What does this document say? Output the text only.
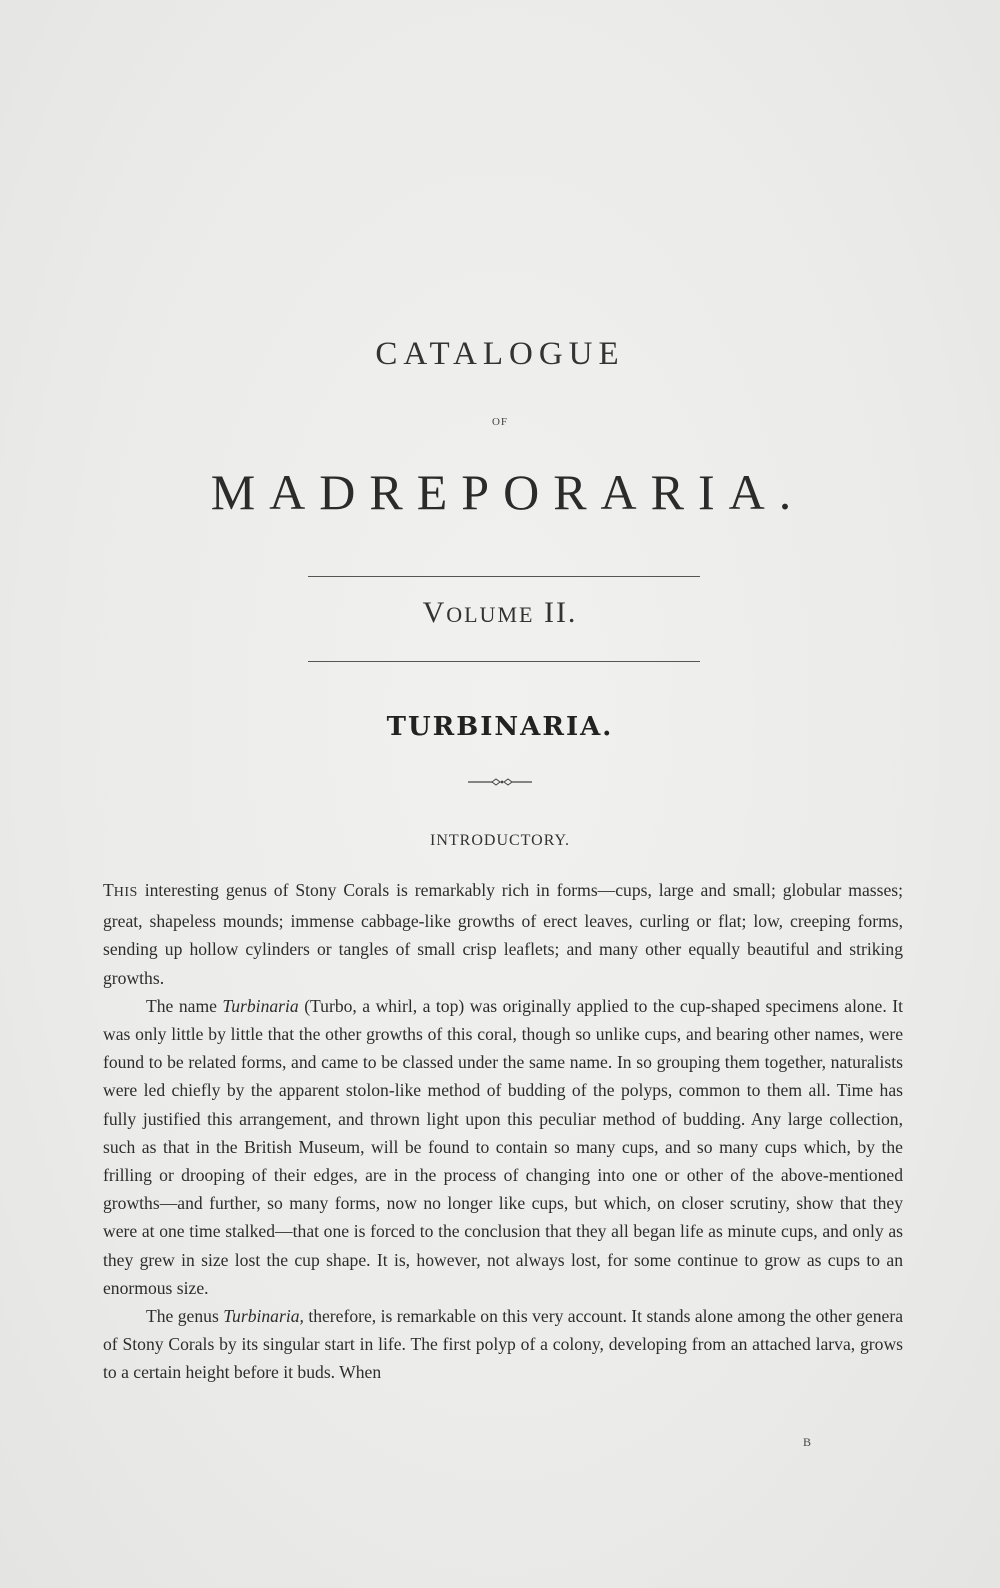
CATALOGUE
OF
MADREPORARIA.
VOLUME II.
TURBINARIA.
INTRODUCTORY.

THIS interesting genus of Stony Corals is remarkably rich in forms—cups, large and small; globular masses; great, shapeless mounds; immense cabbage-like growths of erect leaves, curling or flat; low, creeping forms, sending up hollow cylinders or tangles of small crisp leaflets; and many other equally beautiful and striking growths.

The name Turbinaria (Turbo, a whirl, a top) was originally applied to the cup-shaped specimens alone. It was only little by little that the other growths of this coral, though so unlike cups, and bearing other names, were found to be related forms, and came to be classed under the same name. In so grouping them together, naturalists were led chiefly by the apparent stolon-like method of budding of the polyps, common to them all. Time has fully justified this arrangement, and thrown light upon this peculiar method of budding. Any large collection, such as that in the British Museum, will be found to contain so many cups, and so many cups which, by the frilling or drooping of their edges, are in the process of changing into one or other of the above-mentioned growths—and further, so many forms, now no longer like cups, but which, on closer scrutiny, show that they were at one time stalked—that one is forced to the conclusion that they all began life as minute cups, and only as they grew in size lost the cup shape. It is, however, not always lost, for some continue to grow as cups to an enormous size.

The genus Turbinaria, therefore, is remarkable on this very account. It stands alone among the other genera of Stony Corals by its singular start in life. The first polyp of a colony, developing from an attached larva, grows to a certain height before it buds. When

B
